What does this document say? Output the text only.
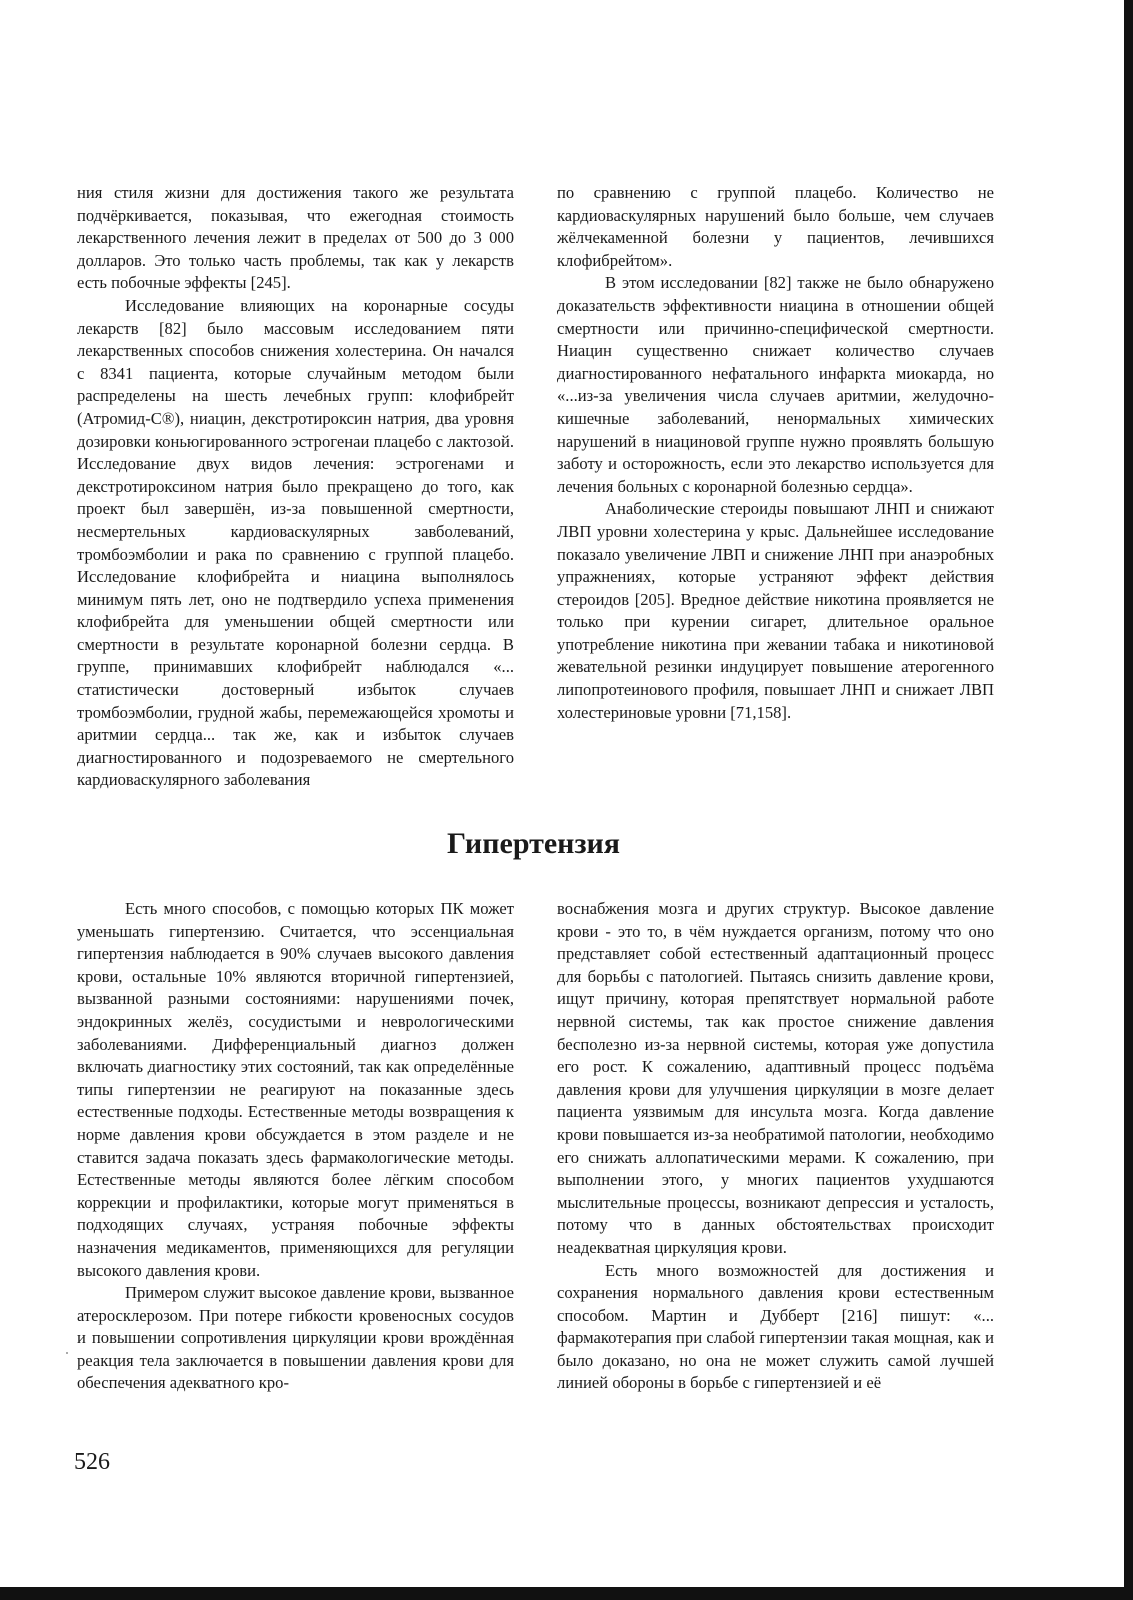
ния стиля жизни для достижения такого же результата подчёркивается, показывая, что ежегодная стоимость лекарственного лечения лежит в пределах от 500 до 3 000 долларов. Это только часть проблемы, так как у лекарств есть побочные эффекты [245].

Исследование влияющих на коронарные сосуды лекарств [82] было массовым исследованием пяти лекарственных способов снижения холестерина. Он начался с 8341 пациента, которые случайным методом были распределены на шесть лечебных групп: клофибрейт (Атромид-С®), ниацин, декстротироксин натрия, два уровня дозировки коньюгированного эстрогенаи плацебо с лактозой. Исследование двух видов лечения: эстрогенами и декстротироксином натрия было прекращено до того, как проект был завершён, из-за повышенной смертности, несмертельных кардиоваскулярных завболеваний, тромбоэмболии и рака по сравнению с группой плацебо. Исследование клофибрейта и ниацина выполнялось минимум пять лет, оно не подтвердило успеха применения клофибрейта для уменьшении общей смертности или смертности в результате коронарной болезни сердца. В группе, принимавших клофибрейт наблюдался «... статистически достоверный избыток случаев тромбоэмболии, грудной жабы, перемежающейся хромоты и аритмии сердца... так же, как и избыток случаев диагностированного и подозреваемого не смертельного кардиоваскулярного заболевания

по сравнению с группой плацебо. Количество не кардиоваскулярных нарушений было больше, чем случаев жёлчекаменной болезни у пациентов, лечившихся клофибрейтом».

В этом исследовании [82] также не было обнаружено доказательств эффективности ниацина в отношении общей смертности или причинно-специфической смертности. Ниацин существенно снижает количество случаев диагностированного нефатального инфаркта миокарда, но «...из-за увеличения числа случаев аритмии, желудочно-кишечные заболеваний, ненормальных химических нарушений в ниациновой группе нужно проявлять большую заботу и осторожность, если это лекарство используется для лечения больных с коронарной болезнью сердца».

Анаболические стероиды повышают ЛНП и снижают ЛВП уровни холестерина у крыс. Дальнейшее исследование показало увеличение ЛВП и снижение ЛНП при анаэробных упражнениях, которые устраняют эффект действия стероидов [205]. Вредное действие никотина проявляется не только при курении сигарет, длительное оральное употребление никотина при жевании табака и никотиновой жевательной резинки индуцирует повышение атерогенного липопротеинового профиля, повышает ЛНП и снижает ЛВП холестериновые уровни [71,158].

Гипертензия

Есть много способов, с помощью которых ПК может уменьшать гипертензию. Считается, что эссенциальная гипертензия наблюдается в 90% случаев высокого давления крови, остальные 10% являются вторичной гипертензией, вызванной разными состояниями: нарушениями почек, эндокринных желёз, сосудистыми и неврологическими заболеваниями. Дифференциальный диагноз должен включать диагностику этих состояний, так как определённые типы гипертензии не реагируют на показанные здесь естественные подходы. Естественные методы возвращения к норме давления крови обсуждается в этом разделе и не ставится задача показать здесь фармакологические методы. Естественные методы являются более лёгким способом коррекции и профилактики, которые могут применяться в подходящих случаях, устраняя побочные эффекты назначения медикаментов, применяющихся для регуляции высокого давления крови.

Примером служит высокое давление крови, вызванное атеросклерозом. При потере гибкости кровеносных сосудов и повышении сопротивления циркуляции крови врождённая реакция тела заключается в повышении давления крови для обеспечения адекватного кро-

воснабжения мозга и других структур. Высокое давление крови - это то, в чём нуждается организм, потому что оно представляет собой естественный адаптационный процесс для борьбы с патологией. Пытаясь снизить давление крови, ищут причину, которая препятствует нормальной работе нервной системы, так как простое снижение давления бесполезно из-за нервной системы, которая уже допустила его рост. К сожалению, адаптивный процесс подъёма давления крови для улучшения циркуляции в мозге делает пациента уязвимым для инсульта мозга. Когда давление крови повышается из-за необратимой патологии, необходимо его снижать аллопатическими мерами. К сожалению, при выполнении этого, у многих пациентов ухудшаются мыслительные процессы, возникают депрессия и усталость, потому что в данных обстоятельствах происходит неадекватная циркуляция крови.

Есть много возможностей для достижения и сохранения нормального давления крови естественным способом. Мартин и Дубберт [216] пишут: «... фармакотерапия при слабой гипертензии такая мощная, как и было доказано, но она не может служить самой лучшей линией обороны в борьбе с гипертензией и её

526
